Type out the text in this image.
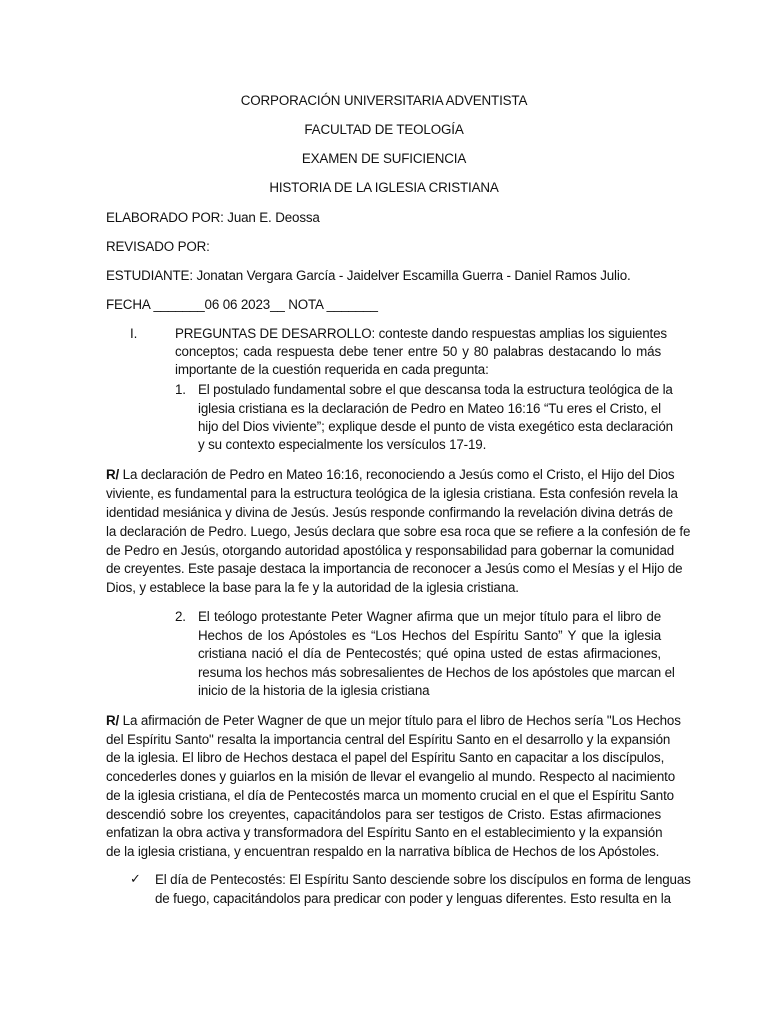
CORPORACIÓN UNIVERSITARIA ADVENTISTA
FACULTAD DE TEOLOGÍA
EXAMEN DE SUFICIENCIA
HISTORIA DE LA IGLESIA CRISTIANA
ELABORADO POR: Juan E. Deossa
REVISADO POR:
ESTUDIANTE: Jonatan Vergara García - Jaidelver Escamilla Guerra - Daniel Ramos Julio.
FECHA _______06 06 2023__ NOTA _______
I.	PREGUNTAS DE DESARROLLO: conteste dando respuestas amplias los siguientes
conceptos; cada respuesta debe tener entre 50 y 80 palabras destacando lo más
importante de la cuestión requerida en cada pregunta:
1. El postulado fundamental sobre el que descansa toda la estructura teológica de la
iglesia cristiana es la declaración de Pedro en Mateo 16:16 “Tu eres el Cristo, el
hijo del Dios viviente”; explique desde el punto de vista exegético esta declaración
y su contexto especialmente los versículos 17-19.
R/ La declaración de Pedro en Mateo 16:16, reconociendo a Jesús como el Cristo, el Hijo del Dios
viviente, es fundamental para la estructura teológica de la iglesia cristiana. Esta confesión revela la
identidad mesiánica y divina de Jesús. Jesús responde confirmando la revelación divina detrás de
la declaración de Pedro. Luego, Jesús declara que sobre esa roca que se refiere a la confesión de fe
de Pedro en Jesús, otorgando autoridad apostólica y responsabilidad para gobernar la comunidad
de creyentes. Este pasaje destaca la importancia de reconocer a Jesús como el Mesías y el Hijo de
Dios, y establece la base para la fe y la autoridad de la iglesia cristiana.
2. El teólogo protestante Peter Wagner afirma que un mejor título para el libro de
Hechos de los Apóstoles es “Los Hechos del Espíritu Santo” Y que la iglesia
cristiana nació el día de Pentecostés; qué opina usted de estas afirmaciones,
resuma los hechos más sobresalientes de Hechos de los apóstoles que marcan el
inicio de la historia de la iglesia cristiana
R/ La afirmación de Peter Wagner de que un mejor título para el libro de Hechos sería "Los Hechos
del Espíritu Santo" resalta la importancia central del Espíritu Santo en el desarrollo y la expansión
de la iglesia. El libro de Hechos destaca el papel del Espíritu Santo en capacitar a los discípulos,
concederles dones y guiarlos en la misión de llevar el evangelio al mundo. Respecto al nacimiento
de la iglesia cristiana, el día de Pentecostés marca un momento crucial en el que el Espíritu Santo
descendió sobre los creyentes, capacitándolos para ser testigos de Cristo. Estas afirmaciones
enfatizan la obra activa y transformadora del Espíritu Santo en el establecimiento y la expansión
de la iglesia cristiana, y encuentran respaldo en la narrativa bíblica de Hechos de los Apóstoles.
✓ El día de Pentecostés: El Espíritu Santo desciende sobre los discípulos en forma de lenguas
de fuego, capacitándolos para predicar con poder y lenguas diferentes. Esto resulta en la
